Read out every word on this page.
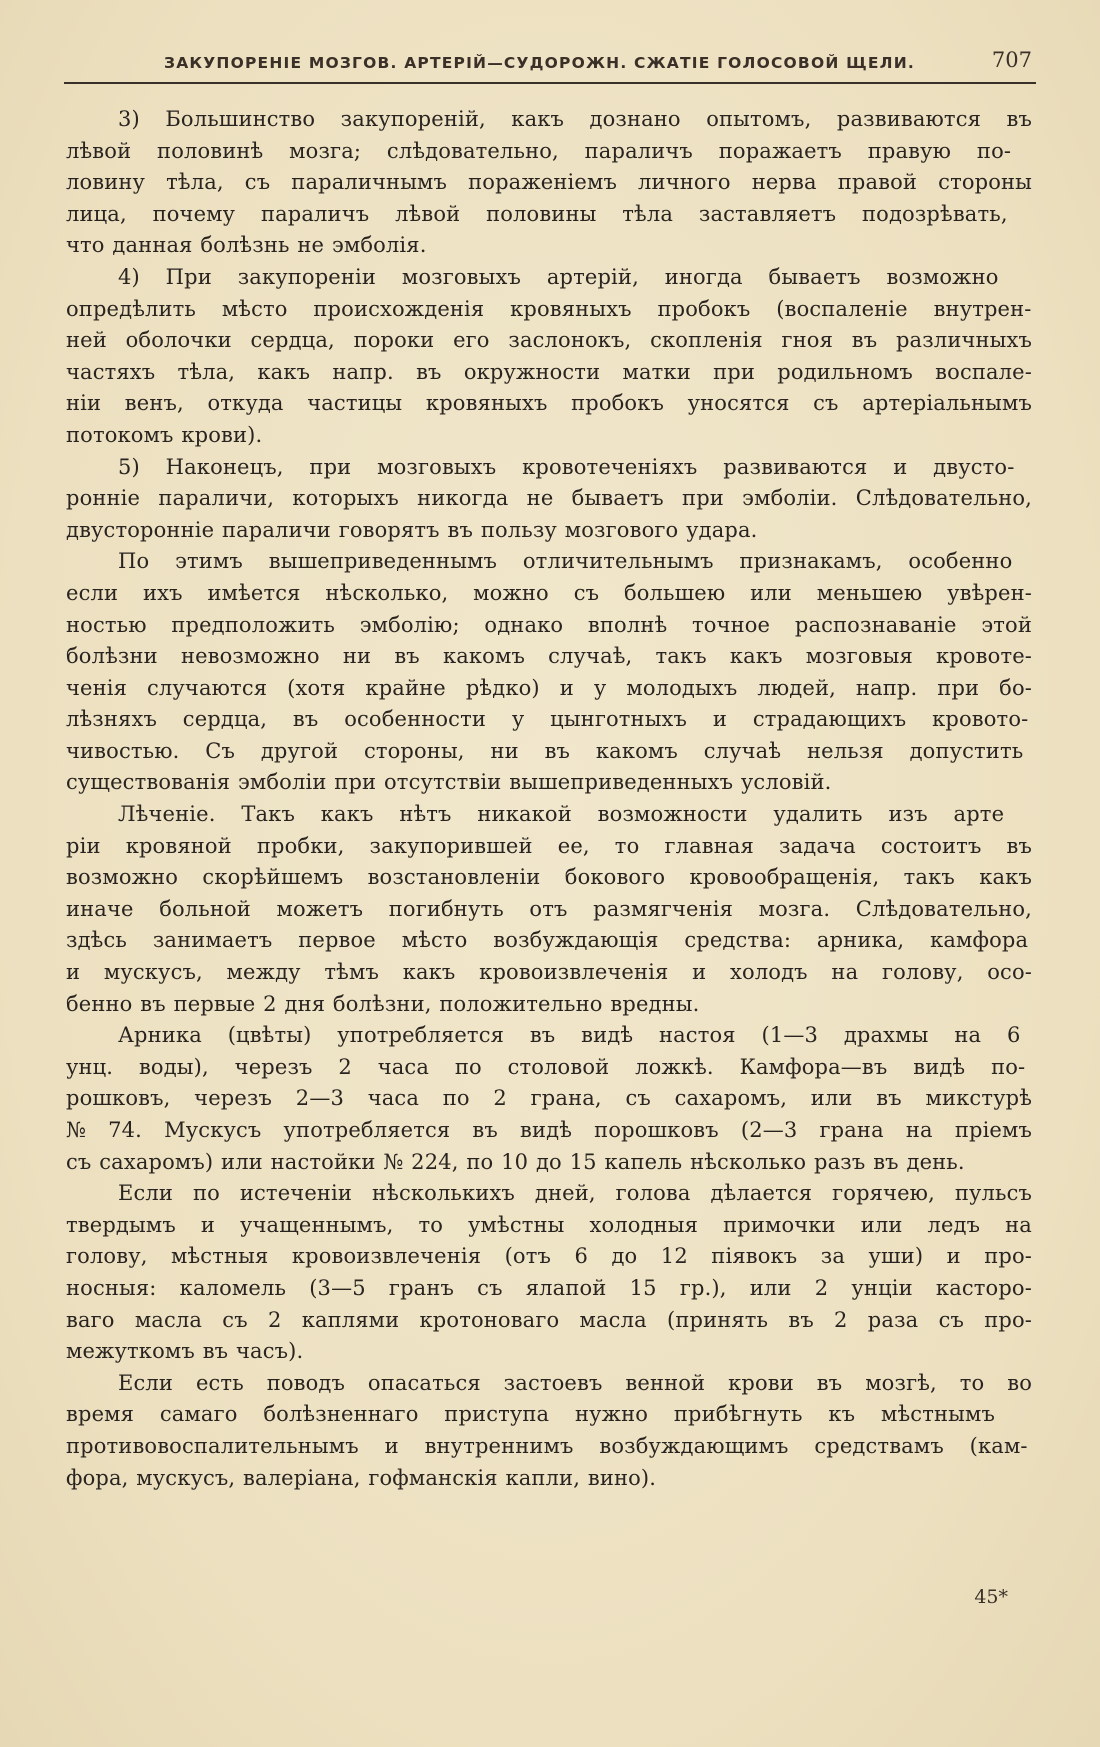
ЗАКУПОРЕНІЕ МОЗГОВ. АРТЕРІЙ—СУДОРОЖН. СЖАТІЕ ГОЛОСОВОЙ ЩЕЛИ.	707
3) Большинство закупореній, какъ дознано опытомъ, развиваются въ
лѣвой половинѣ мозга; слѣдовательно, параличъ поражаетъ правую по-
ловину тѣла, съ параличнымъ пораженіемъ личного нерва правой стороны
лица, почему параличъ лѣвой половины тѣла заставляетъ подозрѣвать,
что данная болѣзнь не эмболія.
4) При закупореніи мозговыхъ артерій, иногда бываетъ возможно
опредѣлить мѣсто происхожденія кровяныхъ пробокъ (воспаленіе внутрен-
ней оболочки сердца, пороки его заслонокъ, скопленія гноя въ различныхъ
частяхъ тѣла, какъ напр. въ окружности матки при родильномъ воспале-
ніи венъ, откуда частицы кровяныхъ пробокъ уносятся съ артеріальнымъ
потокомъ крови).
5) Наконецъ, при мозговыхъ кровотеченіяхъ развиваются и двусто-
ронніе параличи, которыхъ никогда не бываетъ при эмболіи. Слѣдовательно,
двусторонніе параличи говорятъ въ пользу мозгового удара.
По этимъ вышеприведеннымъ отличительнымъ признакамъ, особенно
если ихъ имѣется нѣсколько, можно съ большею или меньшею увѣрен-
ностью предположить эмболію; однако вполнѣ точное распознаваніе этой
болѣзни невозможно ни въ какомъ случаѣ, такъ какъ мозговыя кровоте-
ченія случаются (хотя крайне рѣдко) и у молодыхъ людей, напр. при бо-
лѣзняхъ сердца, въ особенности у цынготныхъ и страдающихъ кровото-
чивостью. Съ другой стороны, ни въ какомъ случаѣ нельзя допустить
существованія эмболіи при отсутствіи вышеприведенныхъ условій.
Лѣченіе. Такъ какъ нѣтъ никакой возможности удалить изъ арте
ріи кровяной пробки, закупорившей ее, то главная задача состоитъ въ
возможно скорѣйшемъ возстановленіи бокового кровообращенія, такъ какъ
иначе больной можетъ погибнуть отъ размягченія мозга. Слѣдовательно,
здѣсь занимаетъ первое мѣсто возбуждающія средства: арника, камфора
и мускусъ, между тѣмъ какъ кровоизвлеченія и холодъ на голову, осо-
бенно въ первые 2 дня болѣзни, положительно вредны.
Арника (цвѣты) употребляется въ видѣ настоя (1—3 драхмы на 6
унц. воды), черезъ 2 часа по столовой ложкѣ. Камфора—въ видѣ по-
рошковъ, черезъ 2—3 часа по 2 грана, съ сахаромъ, или въ микстурѣ
№ 74. Мускусъ употребляется въ видѣ порошковъ (2—3 грана на пріемъ
съ сахаромъ) или настойки № 224, по 10 до 15 капель нѣсколько разъ въ день.
Если по истеченіи нѣсколькихъ дней, голова дѣлается горячею, пульсъ
твердымъ и учащеннымъ, то умѣстны холодныя примочки или ледъ на
голову, мѣстныя кровоизвлеченія (отъ 6 до 12 піявокъ за уши) и про-
носныя: каломель (3—5 гранъ съ ялапой 15 гр.), или 2 унціи касторо-
ваго масла съ 2 каплями кротоноваго масла (принять въ 2 раза съ про-
межуткомъ въ часъ).
Если есть поводъ опасаться застоевъ венной крови въ мозгѣ, то во
время самаго болѣзненнаго приступа нужно прибѣгнуть къ мѣстнымъ
противовоспалительнымъ и внутреннимъ возбуждающимъ средствамъ (кам-
фора, мускусъ, валеріана, гофманскія капли, вино).
45*
